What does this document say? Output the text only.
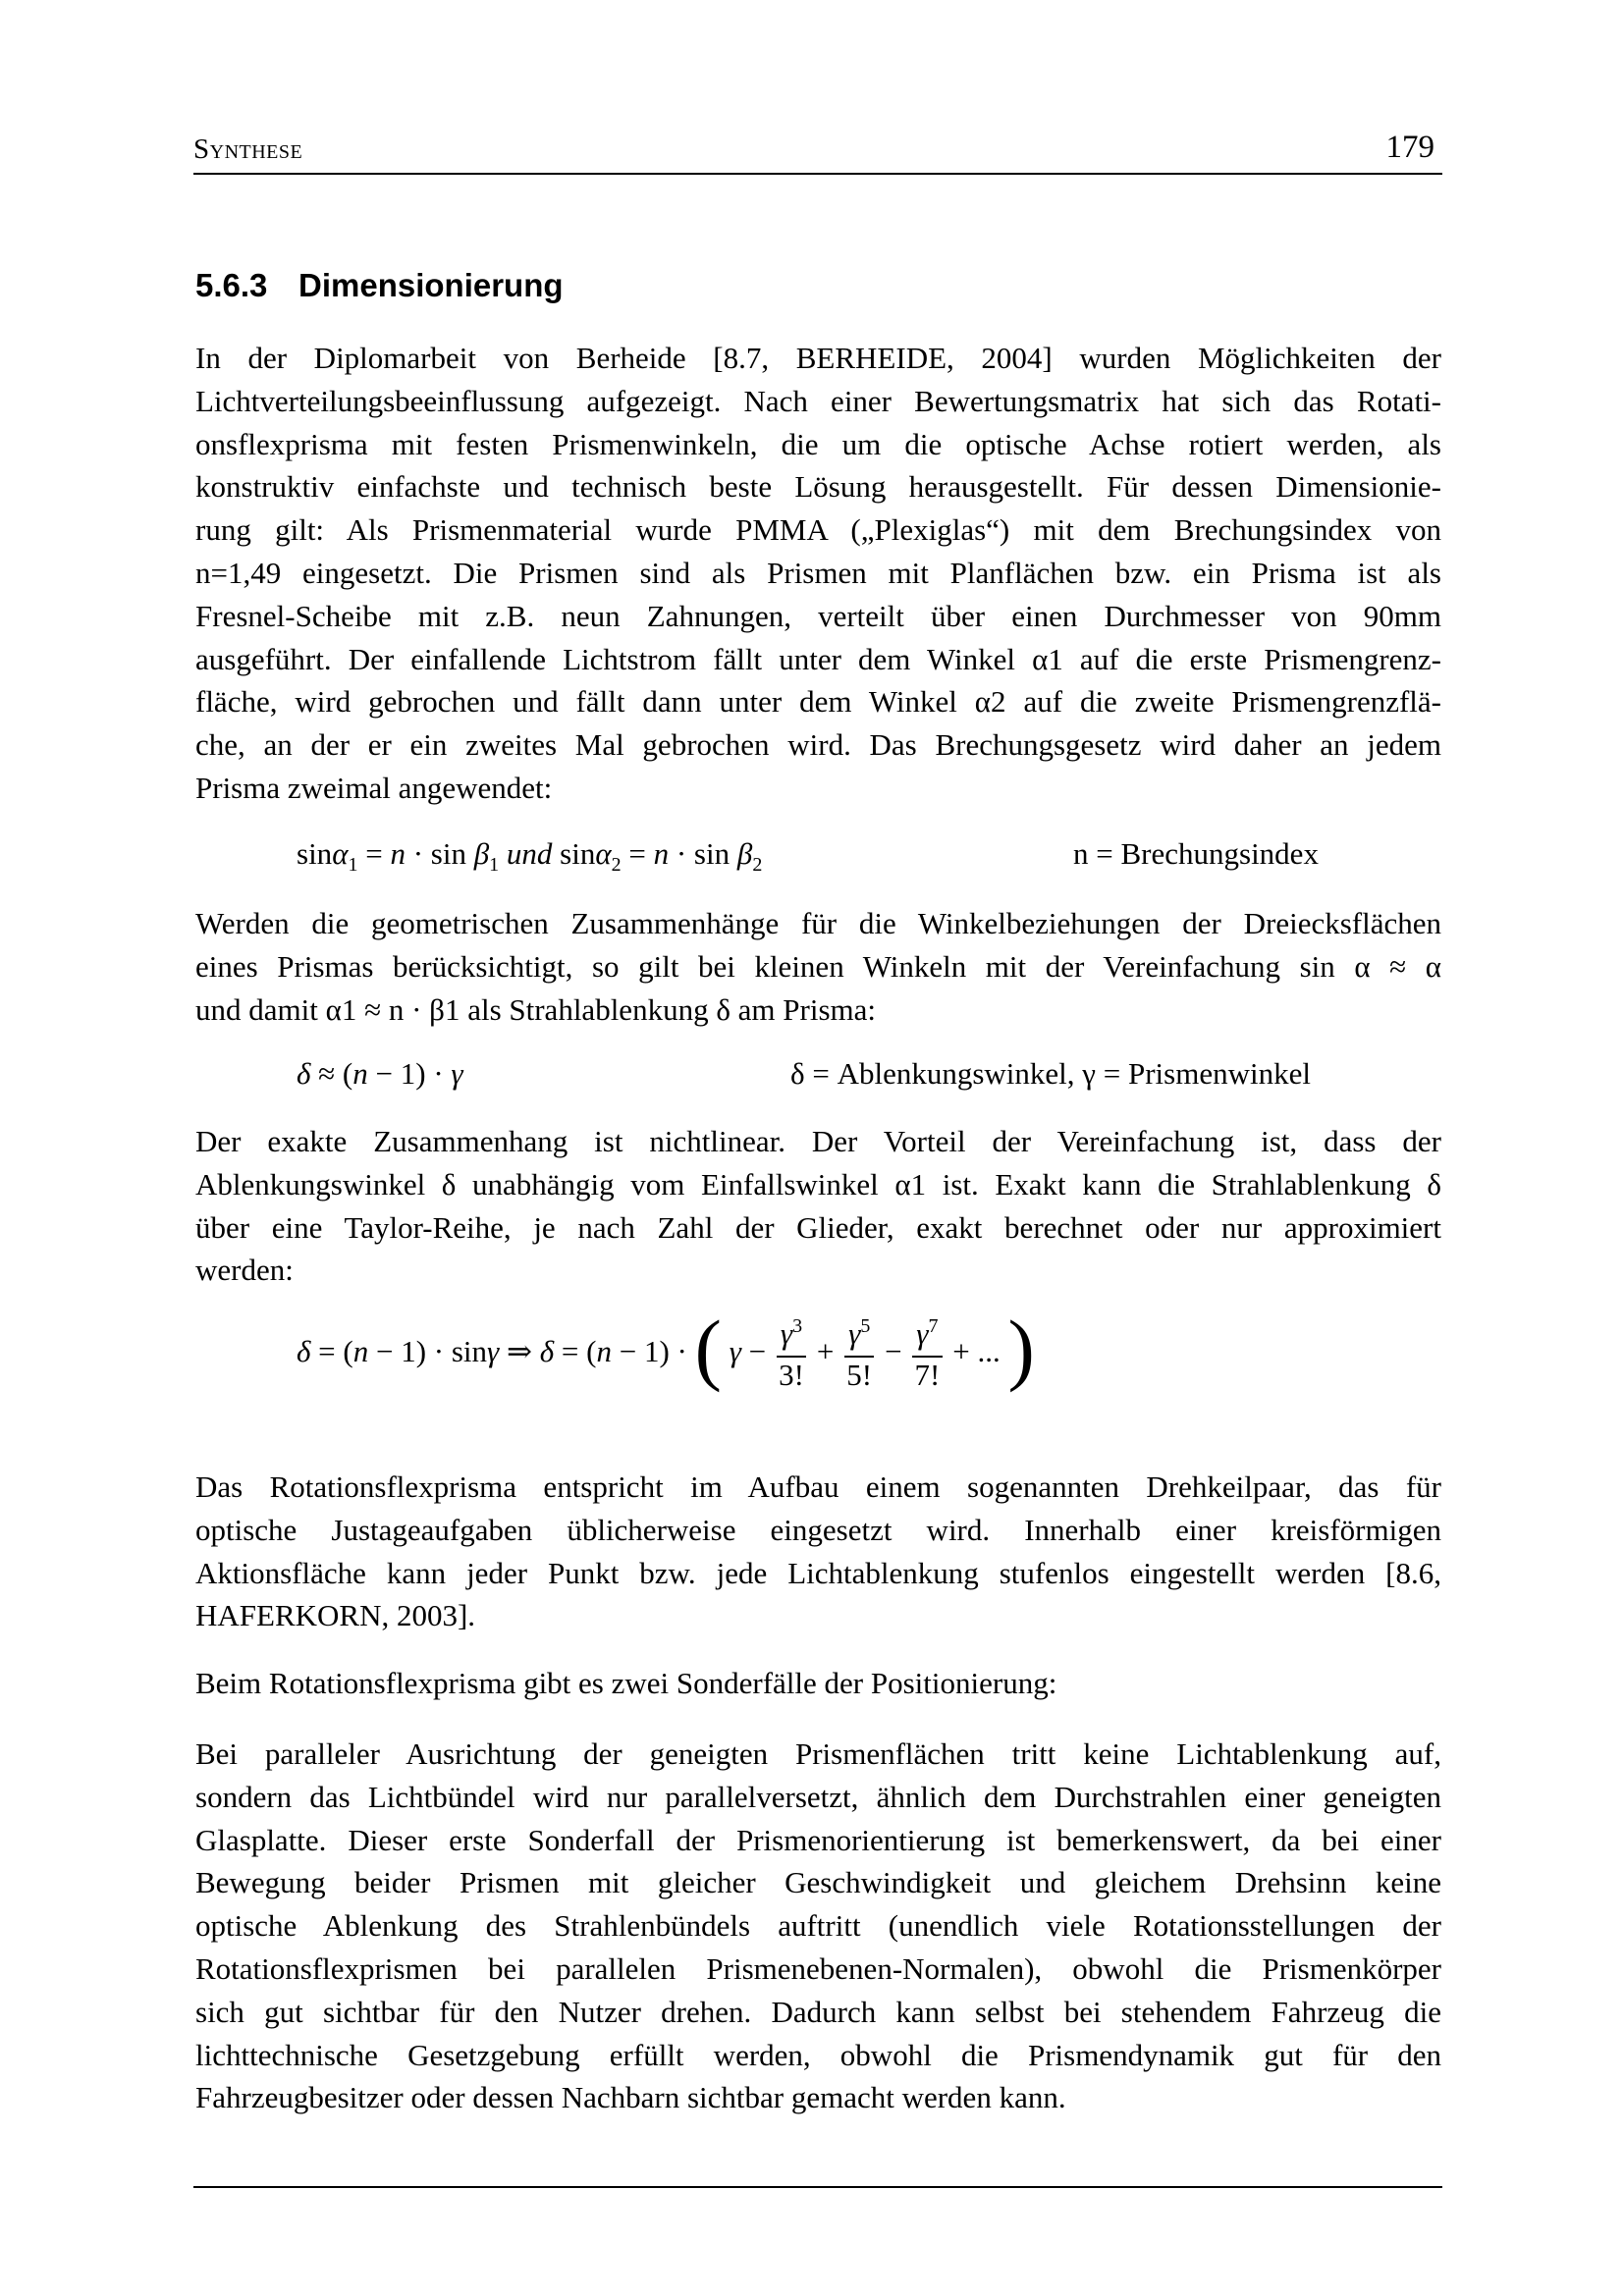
Synthese	179
5.6.3 Dimensionierung

In der Diplomarbeit von Berheide [8.7, BERHEIDE, 2004] wurden Möglichkeiten der
Lichtverteilungsbeeinflussung aufgezeigt. Nach einer Bewertungsmatrix hat sich das Rotati-
onsflexprisma mit festen Prismenwinkeln, die um die optische Achse rotiert werden, als
konstruktiv einfachste und technisch beste Lösung herausgestellt. Für dessen Dimensionie-
rung gilt: Als Prismenmaterial wurde PMMA („Plexiglas“) mit dem Brechungsindex von
n=1,49 eingesetzt. Die Prismen sind als Prismen mit Planflächen bzw. ein Prisma ist als
Fresnel-Scheibe mit z.B. neun Zahnungen, verteilt über einen Durchmesser von 90mm
ausgeführt. Der einfallende Lichtstrom fällt unter dem Winkel α1 auf die erste Prismengrenz-
fläche, wird gebrochen und fällt dann unter dem Winkel α2 auf die zweite Prismengrenzflä-
che, an der er ein zweites Mal gebrochen wird. Das Brechungsgesetz wird daher an jedem
Prisma zweimal angewendet:

$\sin\alpha_1 = n \cdot \sin \beta_1$ und $\sin\alpha_2 = n \cdot \sin \beta_2$	n = Brechungsindex

Werden die geometrischen Zusammenhänge für die Winkelbeziehungen der Dreiecksflächen
eines Prismas berücksichtigt, so gilt bei kleinen Winkeln mit der Vereinfachung sin α ≈ α
und damit α1 ≈ n · β1 als Strahlablenkung δ am Prisma:

δ ≈ (n − 1) · γ	δ = Ablenkungswinkel, γ = Prismenwinkel

Der exakte Zusammenhang ist nichtlinear. Der Vorteil der Vereinfachung ist, dass der
Ablenkungswinkel δ unabhängig vom Einfallswinkel α1 ist. Exakt kann die Strahlablenkung δ
über eine Taylor-Reihe, je nach Zahl der Glieder, exakt berechnet oder nur approximiert
werden:

δ = (n − 1) · sinγ ⇒ δ = (n − 1) · ( $\gamma - \frac{\gamma^3}{3!} + \frac{\gamma^5}{5!} - \frac{\gamma^7}{7!}$ + ... )

Das Rotationsflexprisma entspricht im Aufbau einem sogenannten Drehkeilpaar, das für
optische Justageaufgaben üblicherweise eingesetzt wird. Innerhalb einer kreisförmigen
Aktionsfläche kann jeder Punkt bzw. jede Lichtablenkung stufenlos eingestellt werden [8.6,
HAFERKORN, 2003].

Beim Rotationsflexprisma gibt es zwei Sonderfälle der Positionierung:

Bei paralleler Ausrichtung der geneigten Prismenflächen tritt keine Lichtablenkung auf,
sondern das Lichtbündel wird nur parallelversetzt, ähnlich dem Durchstrahlen einer geneigten
Glasplatte. Dieser erste Sonderfall der Prismenorientierung ist bemerkenswert, da bei einer
Bewegung beider Prismen mit gleicher Geschwindigkeit und gleichem Drehsinn keine
optische Ablenkung des Strahlenbündels auftritt (unendlich viele Rotationsstellungen der
Rotationsflexprismen bei parallelen Prismenebenen-Normalen), obwohl die Prismenkörper
sich gut sichtbar für den Nutzer drehen. Dadurch kann selbst bei stehendem Fahrzeug die
lichttechnische Gesetzgebung erfüllt werden, obwohl die Prismendynamik gut für den
Fahrzeugbesitzer oder dessen Nachbarn sichtbar gemacht werden kann.
